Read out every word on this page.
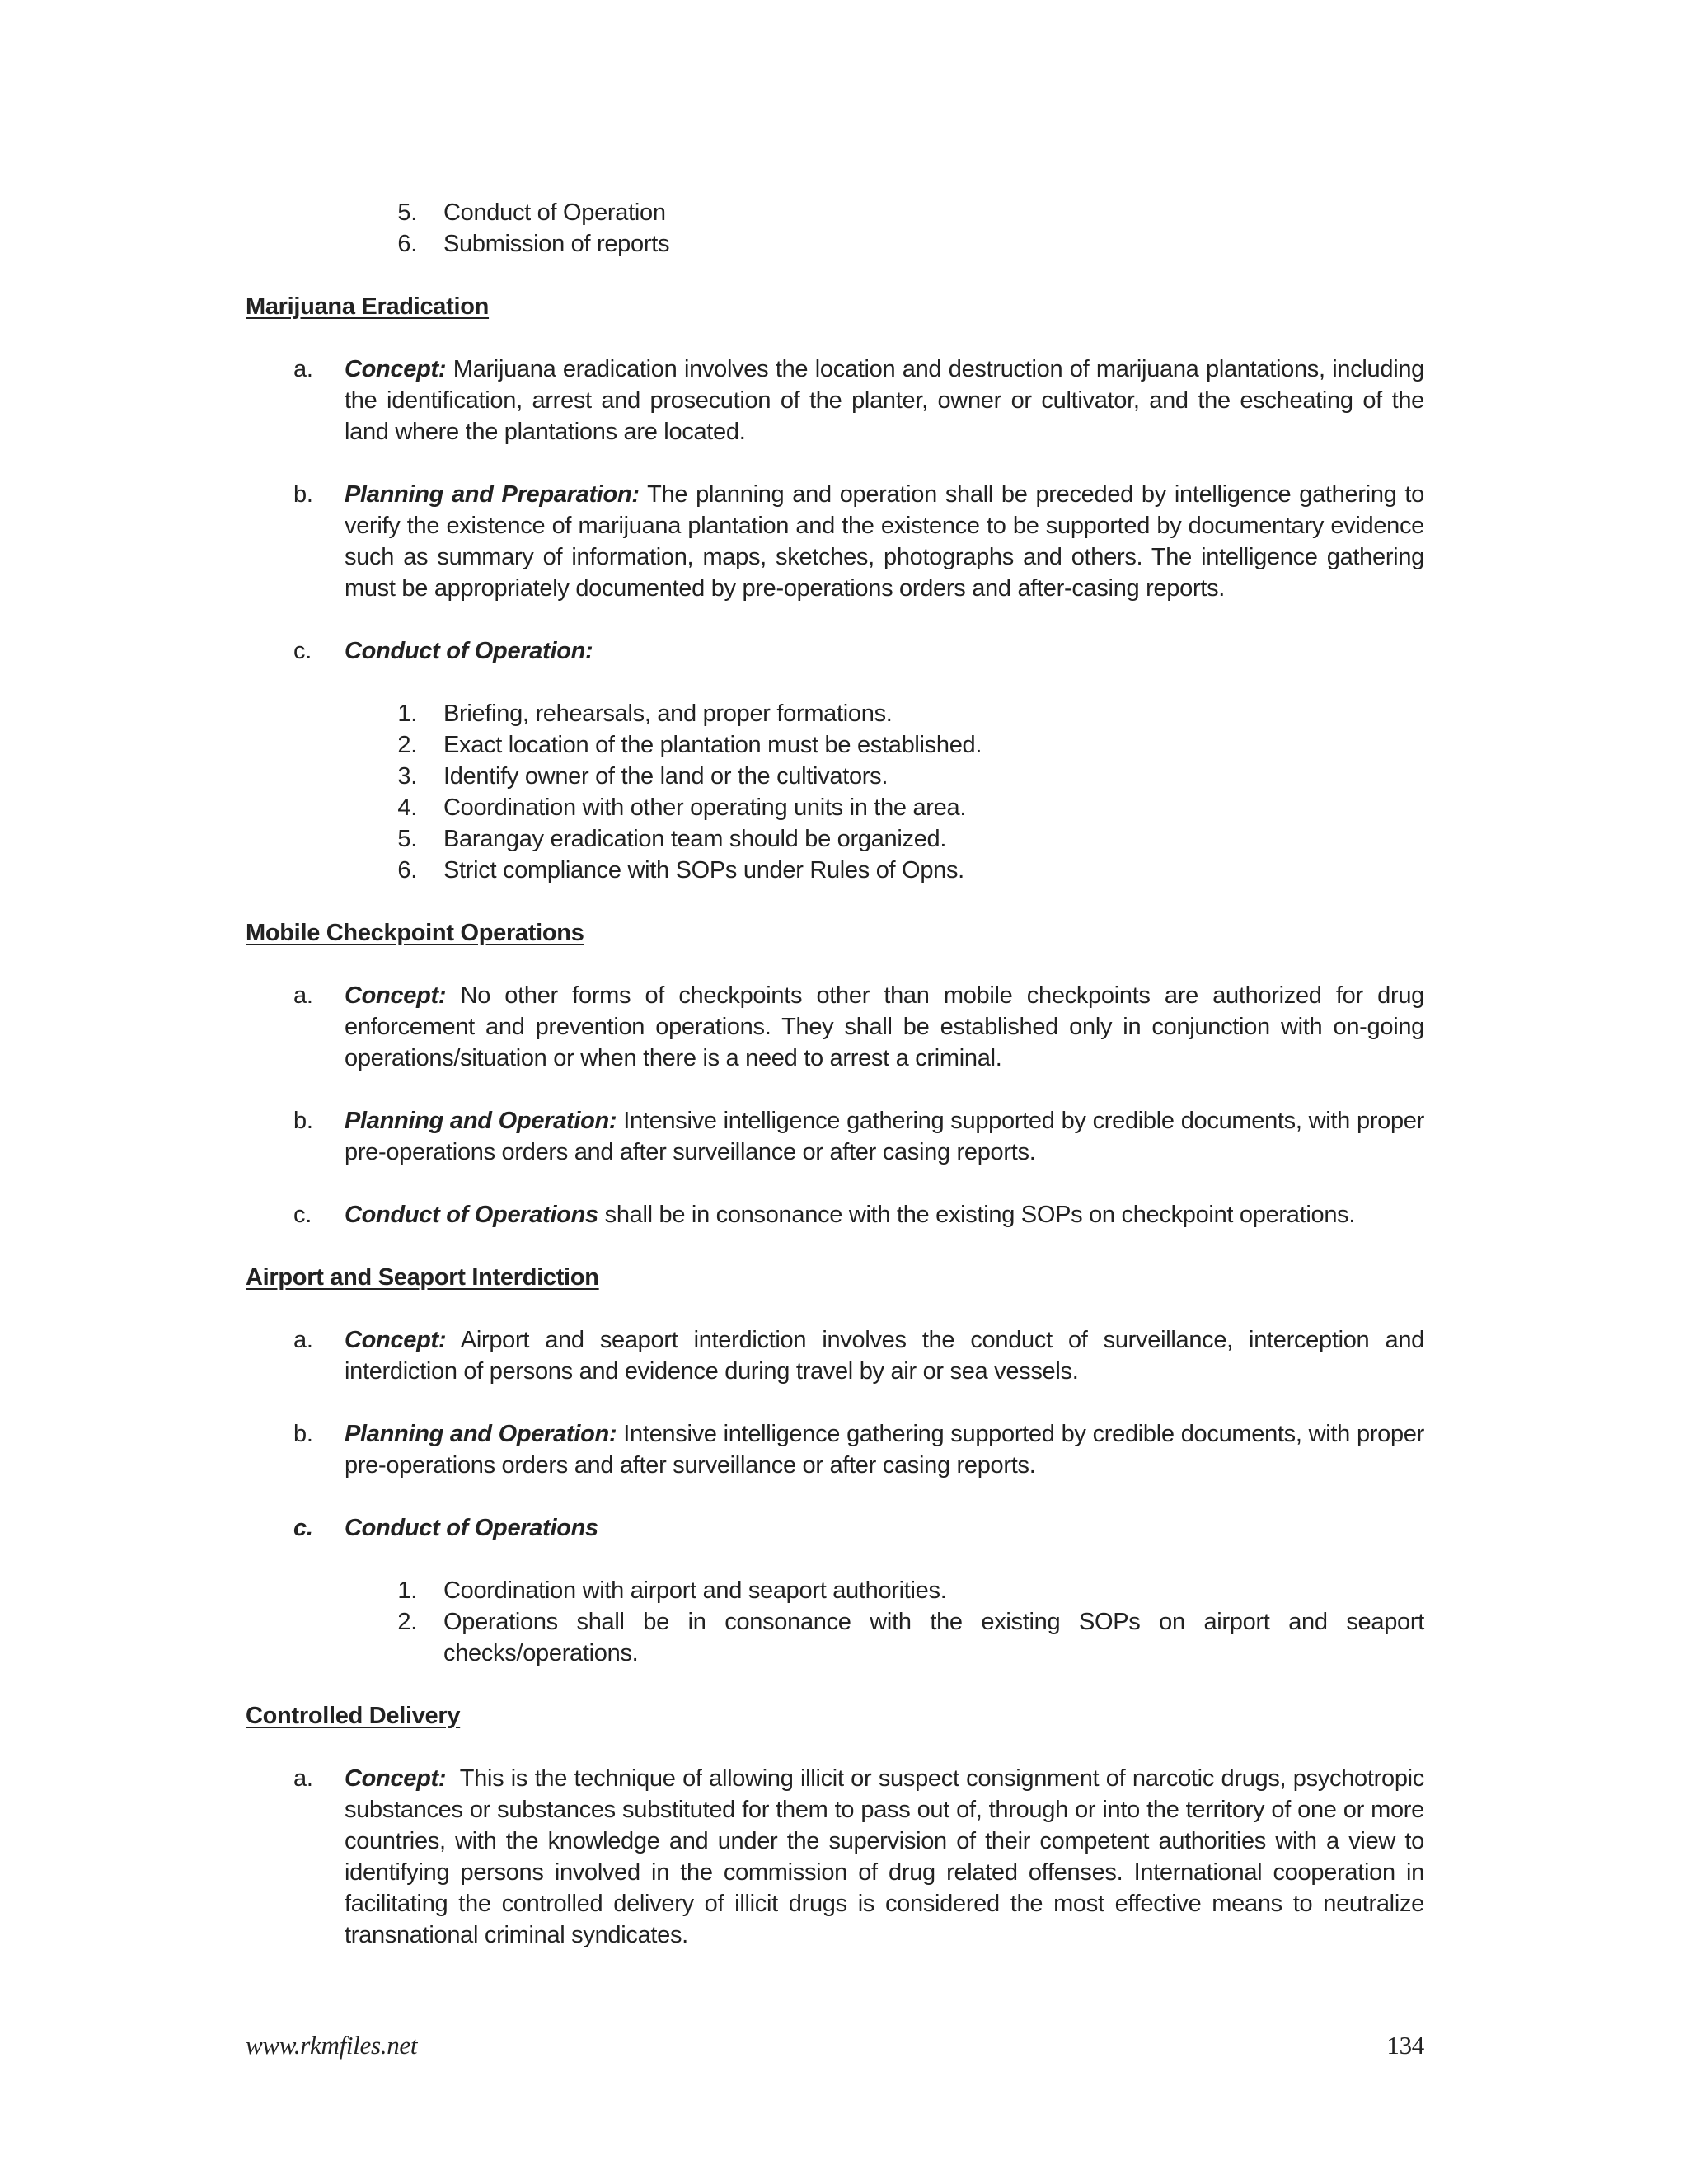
5. Conduct of Operation
6. Submission of reports
Marijuana Eradication
a. Concept: Marijuana eradication involves the location and destruction of marijuana plantations, including the identification, arrest and prosecution of the planter, owner or cultivator, and the escheating of the land where the plantations are located.
b. Planning and Preparation: The planning and operation shall be preceded by intelligence gathering to verify the existence of marijuana plantation and the existence to be supported by documentary evidence such as summary of information, maps, sketches, photographs and others. The intelligence gathering must be appropriately documented by pre-operations orders and after-casing reports.
c. Conduct of Operation:
1. Briefing, rehearsals, and proper formations.
2. Exact location of the plantation must be established.
3. Identify owner of the land or the cultivators.
4. Coordination with other operating units in the area.
5. Barangay eradication team should be organized.
6. Strict compliance with SOPs under Rules of Opns.
Mobile Checkpoint Operations
a. Concept: No other forms of checkpoints other than mobile checkpoints are authorized for drug enforcement and prevention operations. They shall be established only in conjunction with on-going operations/situation or when there is a need to arrest a criminal.
b. Planning and Operation: Intensive intelligence gathering supported by credible documents, with proper pre-operations orders and after surveillance or after casing reports.
c. Conduct of Operations shall be in consonance with the existing SOPs on checkpoint operations.
Airport and Seaport Interdiction
a. Concept: Airport and seaport interdiction involves the conduct of surveillance, interception and interdiction of persons and evidence during travel by air or sea vessels.
b. Planning and Operation: Intensive intelligence gathering supported by credible documents, with proper pre-operations orders and after surveillance or after casing reports.
c. Conduct of Operations
1. Coordination with airport and seaport authorities.
2. Operations shall be in consonance with the existing SOPs on airport and seaport checks/operations.
Controlled Delivery
a. Concept:  This is the technique of allowing illicit or suspect consignment of narcotic drugs, psychotropic substances or substances substituted for them to pass out of, through or into the territory of one or more countries, with the knowledge and under the supervision of their competent authorities with a view to identifying persons involved in the commission of drug related offenses. International cooperation in facilitating the controlled delivery of illicit drugs is considered the most effective means to neutralize transnational criminal syndicates.
www.rkmfiles.net	134
